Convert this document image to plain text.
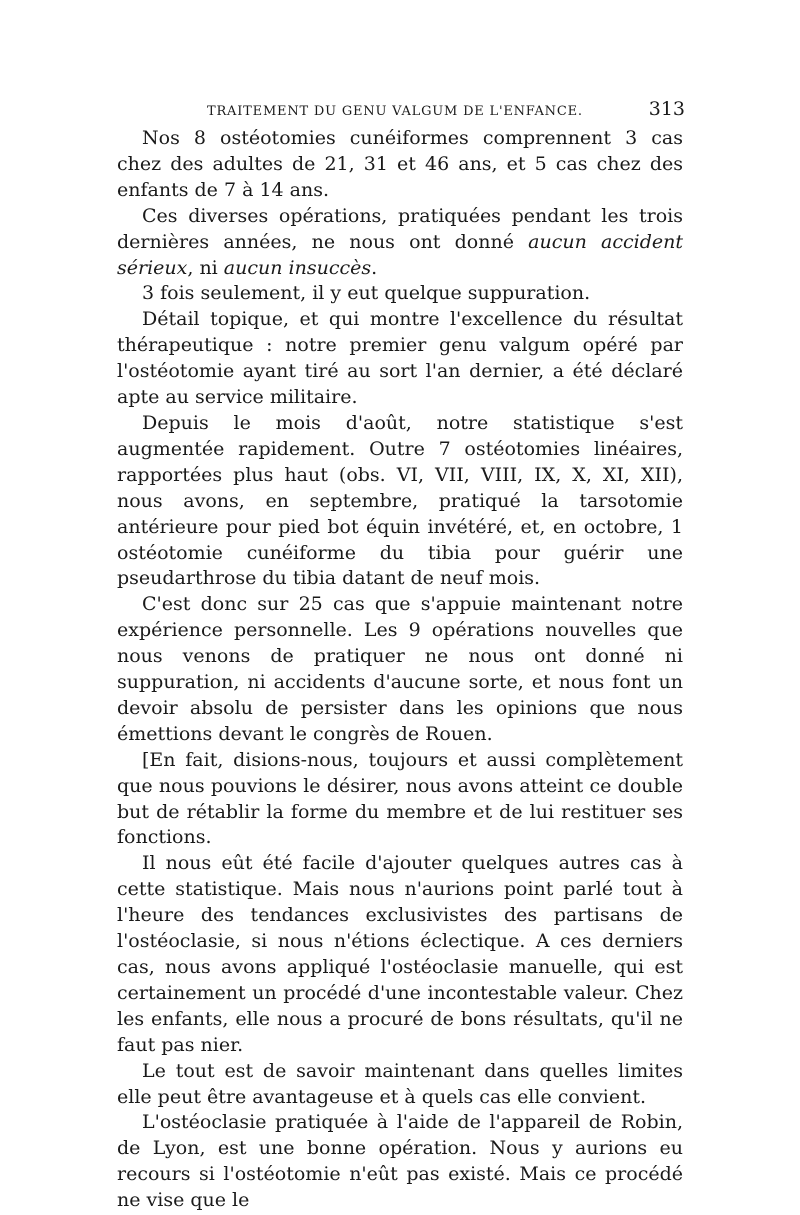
TRAITEMENT DU GENU VALGUM DE L'ENFANCE.	313

Nos 8 ostéotomies cunéiformes comprennent 3 cas chez des adultes de 21, 31 et 46 ans, et 5 cas chez des enfants de 7 à 14 ans.

Ces diverses opérations, pratiquées pendant les trois dernières années, ne nous ont donné aucun accident sérieux, ni aucun insuccès.

3 fois seulement, il y eut quelque suppuration.

Détail topique, et qui montre l'excellence du résultat thérapeutique : notre premier genu valgum opéré par l'ostéotomie ayant tiré au sort l'an dernier, a été déclaré apte au service militaire.

Depuis le mois d'août, notre statistique s'est augmentée rapidement. Outre 7 ostéotomies linéaires, rapportées plus haut (obs. VI, VII, VIII, IX, X, XI, XII), nous avons, en septembre, pratiqué la tarsotomie antérieure pour pied bot équin invétéré, et, en octobre, 1 ostéotomie cunéiforme du tibia pour guérir une pseudarthrose du tibia datant de neuf mois.

C'est donc sur 25 cas que s'appuie maintenant notre expérience personnelle. Les 9 opérations nouvelles que nous venons de pratiquer ne nous ont donné ni suppuration, ni accidents d'aucune sorte, et nous font un devoir absolu de persister dans les opinions que nous émettions devant le congrès de Rouen.

[En fait, disions-nous, toujours et aussi complètement que nous pouvions le désirer, nous avons atteint ce double but de rétablir la forme du membre et de lui restituer ses fonctions.

Il nous eût été facile d'ajouter quelques autres cas à cette statistique. Mais nous n'aurions point parlé tout à l'heure des tendances exclusivistes des partisans de l'ostéoclasie, si nous n'étions éclectique. A ces derniers cas, nous avons appliqué l'ostéoclasie manuelle, qui est certainement un procédé d'une incontestable valeur. Chez les enfants, elle nous a procuré de bons résultats, qu'il ne faut pas nier.

Le tout est de savoir maintenant dans quelles limites elle peut être avantageuse et à quels cas elle convient.

L'ostéoclasie pratiquée à l'aide de l'appareil de Robin, de Lyon, est une bonne opération. Nous y aurions eu recours si l'ostéotomie n'eût pas existé. Mais ce procédé ne vise que le
